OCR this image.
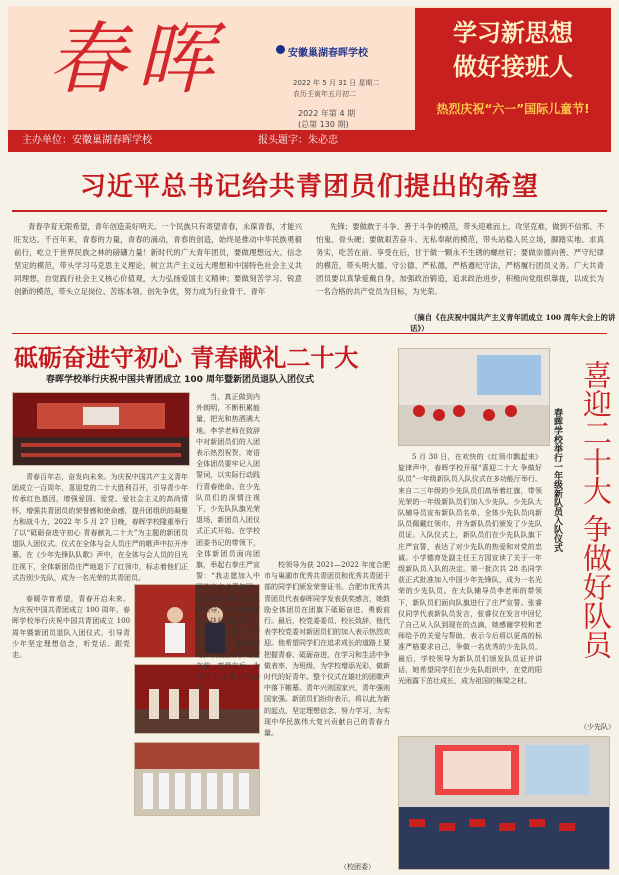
春晖	安徽巢湖春晖学校
2022 年 5 月 31 日 星期二
农历壬寅年五月初二
2022 年第 4 期
(总第 130 期)
学习新思想
做好接班人
热烈庆祝“六一”国际儿童节!
主办单位：安徽巢湖春晖学校	报头题字：朱必忠
习近平总书记给共青团员们提出的希望
青春孕育无限希望，青年创造美好明天。一个民族只有寄望青春，永葆青春，才能兴旺发达。千百年来，青春的力量，青春的涌动，青春的创造，始终是推动中华民族勇毅前行，屹立于世界民族之林的磅礴力量！新时代的广大青年团员，要做理想远大、信念坚定的模范，带头学习马克思主义理论，树立共产主义远大理想和中国特色社会主义共同理想，自觉践行社会主义核心价值观，大力弘扬爱国主义精神；要做刻苦学习、锐意创新的模范，带头立足岗位、苦练本领、创先争优，努力成为行业骨干、青年
先锋；要做敢于斗争、善于斗争的模范，带头迎难而上、攻坚克难，做到不信邪、不怕鬼、骨头硬；要做艰苦奋斗、无私奉献的模范，带头站稳人民立场，脚踏实地、求真务实，吃苦在前、享受在后，甘于做一颗永不生锈的螺丝钉；要做崇德向善、严守纪律的模范，带头明大德、守公德、严私德，严格遵纪守法，严格履行团员义务。广大共青团员要以真挚爱戴自身，加强政治锻造，追求政治进步，积极向党组织靠拢，以成长为一名合格的共产党员为目标，为光荣。
（摘自《在庆祝中国共产主义青年团成立 100 周年大会上的讲话》）
砥砺奋进守初心 青春献礼二十大
春晖学校举行庆祝中国共青团成立 100 周年暨新团员退队入团仪式
青春百年志，奋发向未来。为庆祝中国共产主义青年团成立一百周年，喜迎党的二十大胜利召开，引导青少年传承红色基因，增强爱国、爱党、爱社会主义的高尚情怀，增强共青团员的荣誉感和使命感，提升团组织的凝聚力和战斗力，2022 年 5 月 27 日晚，春晖学校隆重举行了以“砥砺奋进守初心 青春献礼二十大”为主题的新团员退队入团仪式。仪式在全体与会人员庄严的歌声中拉开序幕。在《少年先锋队队歌》声中，在全体与会人员的目光注视下，全体新团员庄严地退下了红领巾，标志着他们正式告别少先队，成为一名光荣的共青团员。
春暖孕育希望，青春开启未来。为庆祝中国共青团成立 100 周年，春晖学校举行庆祝中国共青团成立 100 周年暨新团员退队入团仪式，引导青少年坚定理想信念，听党话、跟党走。
当，真正做到内外朗明，不断积累能量，把光和热洒满大地。李学老师在致辞中对新团员们的入团表示热烈祝贺，寄语全体团员要牢记入团誓词，以实际行动践行青春使命。在少先队员们的深情注视下，少先队队旗光荣退场，新团员入团仪式正式开始。在学校团委书记的带领下，全体新团员面向团旗，举起右拳庄严宣誓：“我志愿加入中国共产主义青年团，坚决拥护中国共产党的领导，遵守团的章程，执行团的决议，履行团员义务，严守团的纪律，勤奋学习，积极工作，吃苦在前，享受在后，为共产主义事业而奋斗。”
校领导为获 2021—2022 年度合肥市与巢湖市优秀共青团员和优秀共青团干部的同学们颁发荣誉证书。合肥市优秀共青团员代表春晖同学发表获奖感言，她鼓励全体团员在团旗下砥砺奋进、勇毅前行。最后，校党委委员、校长致辞，他代表学校党委对新团员们的加入表示热烈欢迎。他希望同学们在追求成长的道路上要把握青春、砥砺奋进，在学习和生活中争做表率，为班级、为学校增添光彩，做新时代的好青年。整个仪式在雄壮的团歌声中落下帷幕。青年兴则国家兴，青年强则国家强。新团员们纷纷表示，将以此为新的起点，坚定理想信念，努力学习，为实现中华民族伟大复兴贡献自己的青春力量。
（校团委）
喜迎二十大 争做好队员
春晖学校举行一年级新队员入队仪式
5 月 30 日，在欢快的《红领巾飘起来》旋律声中，春晖学校开展“喜迎二十大 争做好队员”一年级新队员入队仪式在多功能厅举行。来自二三年级的少先队员们高举着红旗，带领光荣的一年级新队员们加入少先队。少先队大队辅导员宣布新队员名单，全体少先队员向新队员佩戴红领巾，并为新队员们颁发了少先队员证。入队仪式上，新队员们在少先队队旗下庄严宣誓，表达了对少先队的热爱和对党的忠诚。小学德育处副主任王方园宣读了关于一年级新队员入队的决定。第一批次共 28 名同学获正式批准加入中国少年先锋队，成为一名光荣的少先队员。在大队辅导员李老师的带领下，新队员们面向队旗进行了庄严宣誓。张睿仪同学代表新队员发言，张睿仪在发言中回忆了自己从入队到现在的点滴，她感谢学校和老师给予的关爱与帮助，表示今后将以更高的标准严格要求自己，争做一名优秀的少先队员。最后，学校领导为新队员们颁发队员证并讲话，她希望同学们在少先队组织中，在党的阳光雨露下茁壮成长，成为祖国的栋梁之材。
（少先队）
